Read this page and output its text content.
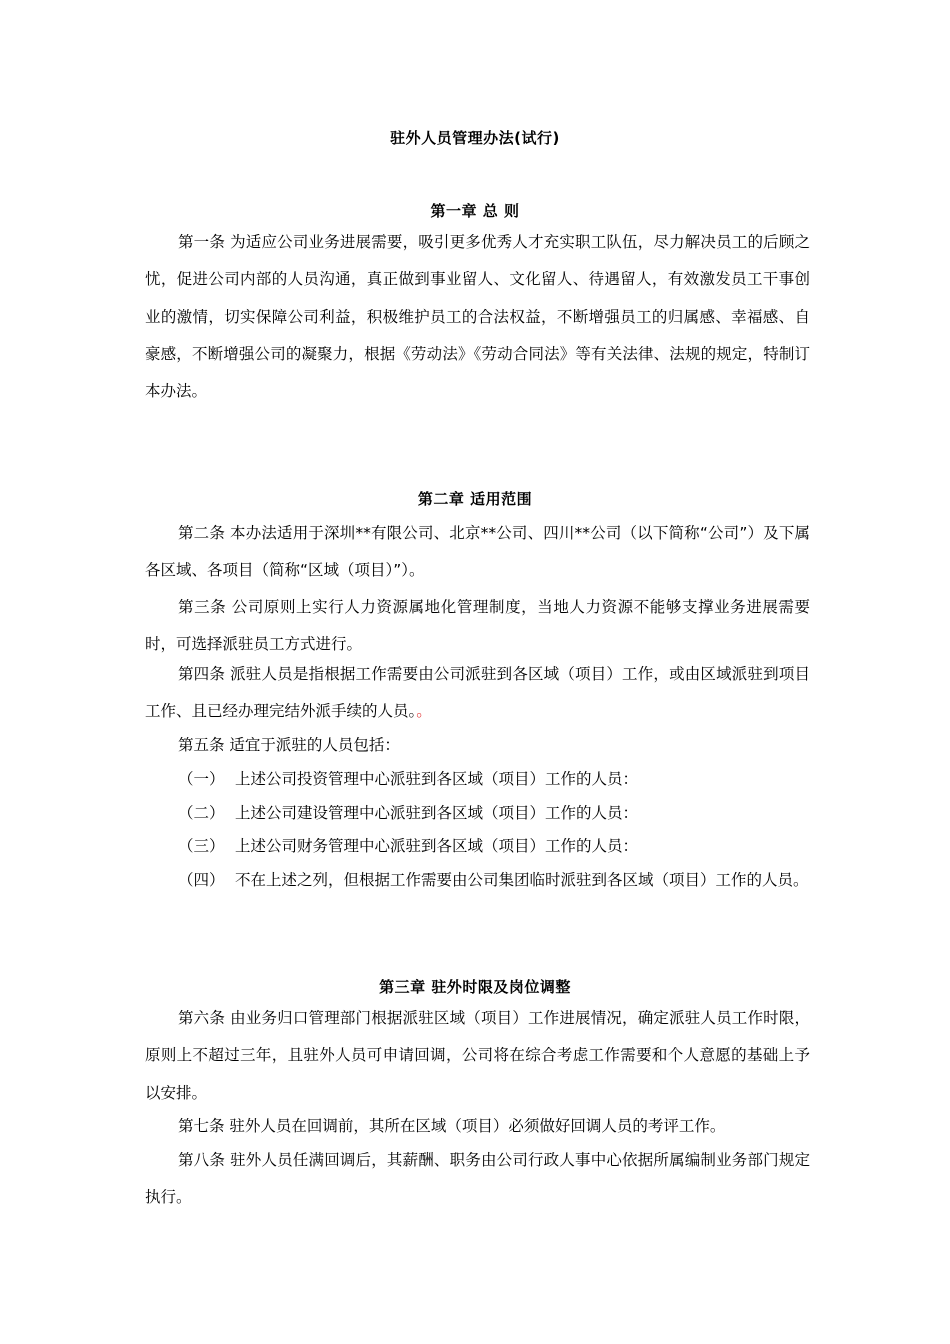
驻外人员管理办法(试行)
第一章 总 则
第一条 为适应公司业务进展需要，吸引更多优秀人才充实职工队伍，尽力解决员工的后顾之忧，促进公司内部的人员沟通，真正做到事业留人、文化留人、待遇留人，有效激发员工干事创业的激情，切实保障公司利益，积极维护员工的合法权益，不断增强员工的归属感、幸福感、自豪感，不断增强公司的凝聚力，根据《劳动法》《劳动合同法》等有关法律、法规的规定，特制订本办法。
第二章 适用范围
第二条 本办法适用于深圳**有限公司、北京**公司、四川**公司（以下简称“公司”）及下属各区域、各项目（简称“区域（项目）”）。
第三条 公司原则上实行人力资源属地化管理制度，当地人力资源不能够支撑业务进展需要时，可选择派驻员工方式进行。
第四条 派驻人员是指根据工作需要由公司派驻到各区域（项目）工作，或由区域派驻到项目工作、且已经办理完结外派手续的人员。。
第五条 适宜于派驻的人员包括：
（一） 上述公司投资管理中心派驻到各区域（项目）工作的人员：
（二） 上述公司建设管理中心派驻到各区域（项目）工作的人员：
（三） 上述公司财务管理中心派驻到各区域（项目）工作的人员：
（四） 不在上述之列，但根据工作需要由公司集团临时派驻到各区域（项目）工作的人员。
第三章 驻外时限及岗位调整
第六条 由业务归口管理部门根据派驻区域（项目）工作进展情况，确定派驻人员工作时限，原则上不超过三年，且驻外人员可申请回调，公司将在综合考虑工作需要和个人意愿的基础上予以安排。
第七条 驻外人员在回调前，其所在区域（项目）必须做好回调人员的考评工作。
第八条 驻外人员任满回调后，其薪酬、职务由公司行政人事中心依据所属编制业务部门规定执行。
